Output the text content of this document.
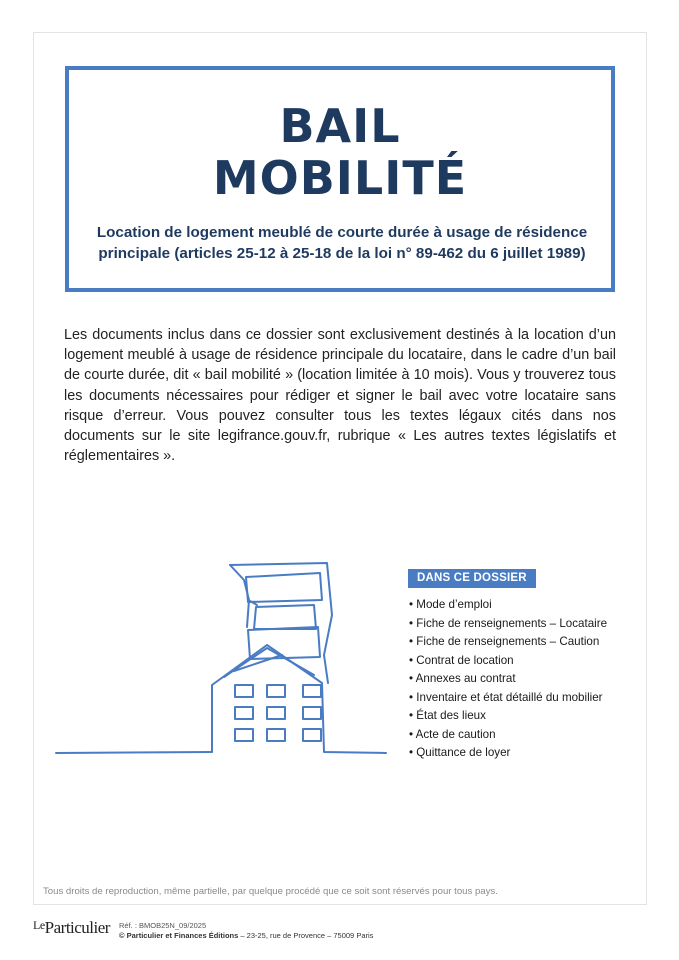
BAIL
MOBILITÉ
Location de logement meublé de courte durée à usage de résidence
principale (articles 25-12 à 25-18 de la loi n° 89-462 du 6 juillet 1989)

Les documents inclus dans ce dossier sont exclusivement destinés à la location d’un logement meublé à usage de résidence principale du locataire, dans le cadre d’un bail de courte durée, dit « bail mobilité » (location limitée à 10 mois). Vous y trouverez tous les documents nécessaires pour rédiger et signer le bail avec votre locataire sans risque d’erreur. Vous pouvez consulter tous les textes légaux cités dans nos documents sur le site legifrance.gouv.fr, rubrique « Les autres textes législatifs et réglementaires ».

DANS CE DOSSIER
• Mode d’emploi
• Fiche de renseignements – Locataire
• Fiche de renseignements – Caution
• Contrat de location
• Annexes au contrat
• Inventaire et état détaillé du mobilier
• État des lieux
• Acte de caution
• Quittance de loyer
Tous droits de reproduction, même partielle, par quelque procédé que ce soit sont réservés pour tous pays.
$^{Le}$Particulier Réf. : BMOB25N_09/2025
© Particulier et Finances Éditions – 23-25, rue de Provence – 75009 Paris
